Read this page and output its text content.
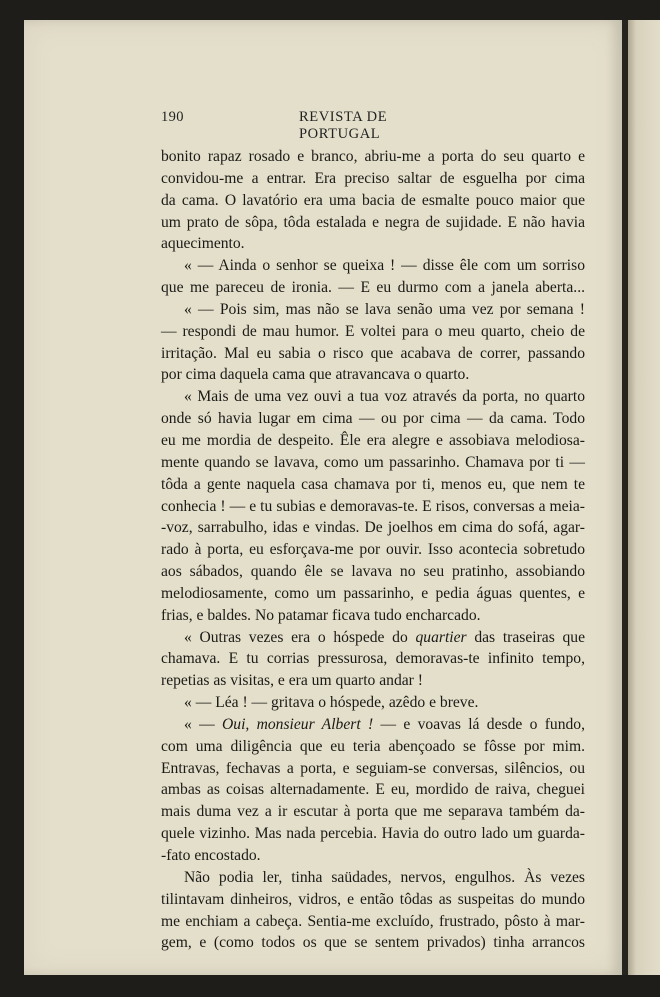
190	REVISTA DE PORTUGAL
bonito rapaz rosado e branco, abriu-me a porta do seu quarto e
convidou-me a entrar. Era preciso saltar de esguelha por cima
da cama. O lavatório era uma bacia de esmalte pouco maior que
um prato de sôpa, tôda estalada e negra de sujidade. E não havia
aquecimento.
« — Ainda o senhor se queixa ! — disse êle com um sorriso
que me pareceu de ironia. — E eu durmo com a janela aberta...
« — Pois sim, mas não se lava senão uma vez por semana !
— respondi de mau humor. E voltei para o meu quarto, cheio de
irritação. Mal eu sabia o risco que acabava de correr, passando
por cima daquela cama que atravancava o quarto.
« Mais de uma vez ouvi a tua voz através da porta, no quarto
onde só havia lugar em cima — ou por cima — da cama. Todo
eu me mordia de despeito. Êle era alegre e assobiava melodiosa-
mente quando se lavava, como um passarinho. Chamava por ti —
tôda a gente naquela casa chamava por ti, menos eu, que nem te
conhecia ! — e tu subias e demoravas-te. E risos, conversas a meia-
-voz, sarrabulho, idas e vindas. De joelhos em cima do sofá, agar-
rado à porta, eu esforçava-me por ouvir. Isso acontecia sobretudo
aos sábados, quando êle se lavava no seu pratinho, assobiando
melodiosamente, como um passarinho, e pedia águas quentes, e
frias, e baldes. No patamar ficava tudo encharcado.
« Outras vezes era o hóspede do quartier das traseiras que
chamava. E tu corrias pressurosa, demoravas-te infinito tempo,
repetias as visitas, e era um quarto andar !
« — Léa ! — gritava o hóspede, azêdo e breve.
« — Oui, monsieur Albert ! — e voavas lá desde o fundo,
com uma diligência que eu teria abençoado se fôsse por mim.
Entravas, fechavas a porta, e seguiam-se conversas, silêncios, ou
ambas as coisas alternadamente. E eu, mordido de raiva, cheguei
mais duma vez a ir escutar à porta que me separava também da-
quele vizinho. Mas nada percebia. Havia do outro lado um guarda-
-fato encostado.
Não podia ler, tinha saüdades, nervos, engulhos. Às vezes
tilintavam dinheiros, vidros, e então tôdas as suspeitas do mundo
me enchiam a cabeça. Sentia-me excluído, frustrado, pôsto à mar-
gem, e (como todos os que se sentem privados) tinha arrancos
